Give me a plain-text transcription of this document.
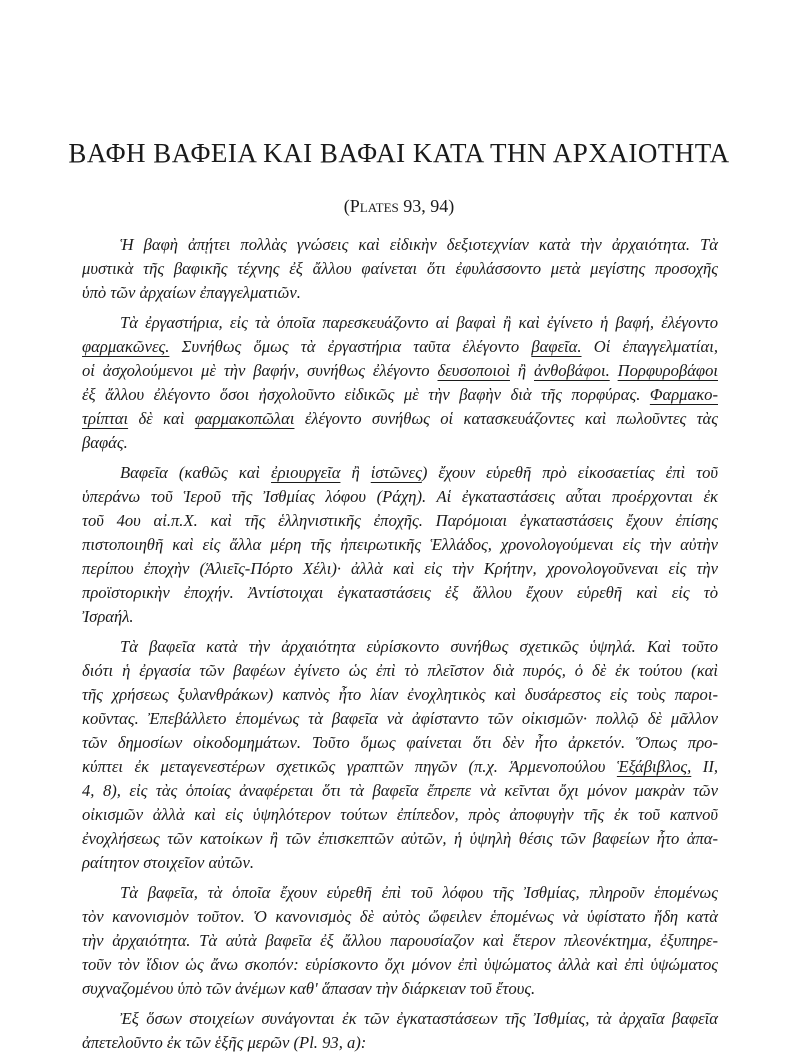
ΒΑΦΗ ΒΑΦΕΙΑ ΚΑΙ ΒΑΦΑΙ ΚΑΤΑ ΤΗΝ ΑΡΧΑΙΟΤΗΤΑ
(Plates 93, 94)
Ἡ βαφὴ ἀπῄτει πολλὰς γνώσεις καὶ εἰδικὴν δεξιοτεχνίαν κατὰ τὴν ἀρχαιότητα. Τὰ
μυστικὰ τῆς βαφικῆς τέχνης ἐξ ἄλλου φαίνεται ὅτι ἐφυλάσσοντο μετὰ μεγίστης προσοχῆς
ὑπὸ τῶν ἀρχαίων ἐπαγγελματιῶν.
Τὰ ἐργαστήρια, εἰς τὰ ὁποῖα παρεσκευάζοντο αἱ βαφαὶ ἢ καὶ ἐγίνετο ἡ βαφή, ἐλέγοντο
φαρμακῶνες. Συνήθως ὅμως τὰ ἐργαστήρια ταῦτα ἐλέγοντο βαφεῖα. Οἱ ἐπαγγελματίαι,
οἱ ἀσχολούμενοι μὲ τὴν βαφήν, συνήθως ἐλέγοντο δευσοποιοὶ ἢ ἀνθοβάφοι. Πορφυροβάφοι
ἐξ ἄλλου ἐλέγοντο ὅσοι ἠσχολοῦντο εἰδικῶς μὲ τὴν βαφὴν διὰ τῆς πορφύρας. Φαρμακο-
τρίπται δὲ καὶ φαρμακοπῶλαι ἐλέγοντο συνήθως οἱ κατασκευάζοντες καὶ πωλοῦντες τὰς
βαφάς.
Βαφεῖα (καθῶς καὶ ἐριουργεῖα ἢ ἱστῶνες) ἔχουν εὑρεθῆ πρὸ εἰκοσαετίας ἐπὶ τοῦ
ὑπεράνω τοῦ Ἱεροῦ τῆς Ἰσθμίας λόφου (Ράχη). Αἱ ἐγκαταστάσεις αὗται προέρχονται ἐκ
τοῦ 4ου αἰ.π.Χ. καὶ τῆς ἑλληνιστικῆς ἐποχῆς. Παρόμοιαι ἐγκαταστάσεις ἔχουν ἐπίσης
πιστοποιηθῆ καὶ εἰς ἄλλα μέρη τῆς ἠπειρωτικῆς Ἑλλάδος, χρονολογούμεναι εἰς τὴν αὐτὴν
περίπου ἐποχὴν (Ἁλιεῖς-Πόρτο Χέλι)· ἀλλὰ καὶ εἰς τὴν Κρήτην, χρονολογοῦνεναι εἰς τὴν
προϊστορικὴν ἐποχήν. Ἀντίστοιχαι ἐγκαταστάσεις ἐξ ἄλλου ἔχουν εὑρεθῆ καὶ εἰς τὸ
Ἰσραήλ.
Τὰ βαφεῖα κατὰ τὴν ἀρχαιότητα εὑρίσκοντο συνήθως σχετικῶς ὑψηλά. Καὶ τοῦτο
διότι ἡ ἐργασία τῶν βαφέων ἐγίνετο ὡς ἐπὶ τὸ πλεῖστον διὰ πυρός, ὁ δὲ ἐκ τούτου (καὶ
τῆς χρήσεως ξυλανθράκων) καπνὸς ἦτο λίαν ἐνοχλητικὸς καὶ δυσάρεστος εἰς τοὺς παροι-
κοῦντας. Ἐπεβάλλετο ἑπομένως τὰ βαφεῖα νὰ ἀφίσταντο τῶν οἰκισμῶν· πολλῷ δὲ μᾶλλον
τῶν δημοσίων οἰκοδομημάτων. Τοῦτο ὅμως φαίνεται ὅτι δὲν ἦτο ἀρκετόν. Ὅπως προ-
κύπτει ἐκ μεταγενεστέρων σχετικῶς γραπτῶν πηγῶν (π.χ. Ἁρμενοπούλου Ἑξάβιβλος, II,
4, 8), εἰς τὰς ὁποίας ἀναφέρεται ὅτι τὰ βαφεῖα ἔπρεπε νὰ κεῖνται ὄχι μόνον μακρὰν τῶν
οἰκισμῶν ἀλλὰ καὶ εἰς ὑψηλότερον τούτων ἐπίπεδον, πρὸς ἀποφυγὴν τῆς ἐκ τοῦ καπνοῦ
ἐνοχλήσεως τῶν κατοίκων ἢ τῶν ἐπισκεπτῶν αὐτῶν, ἡ ὑψηλὴ θέσις τῶν βαφείων ἦτο ἀπα-
ραίτητον στοιχεῖον αὐτῶν.
Τὰ βαφεῖα, τὰ ὁποῖα ἔχουν εὑρεθῆ ἐπὶ τοῦ λόφου τῆς Ἰσθμίας, πληροῦν ἑπομένως
τὸν κανονισμὸν τοῦτον. Ὁ κανονισμὸς δὲ αὐτὸς ὤφειλεν ἑπομένως νὰ ὑφίστατο ἤδη κατὰ
τὴν ἀρχαιότητα. Τὰ αὐτὰ βαφεῖα ἐξ ἄλλου παρουσίαζον καὶ ἕτερον πλεονέκτημα, ἐξυπηρε-
τοῦν τὸν ἴδιον ὡς ἄνω σκοπόν: εὑρίσκοντο ὄχι μόνον ἐπὶ ὑψώματος ἀλλὰ καὶ ἐπὶ ὑψώματος
συχναζομένου ὑπὸ τῶν ἀνέμων καθ' ἅπασαν τὴν διάρκειαν τοῦ ἔτους.
Ἐξ ὅσων στοιχείων συνάγονται ἐκ τῶν ἐγκαταστάσεων τῆς Ἰσθμίας, τὰ ἀρχαῖα βαφεῖα
ἀπετελοῦντο ἐκ τῶν ἑξῆς μερῶν (Pl. 93, a):
